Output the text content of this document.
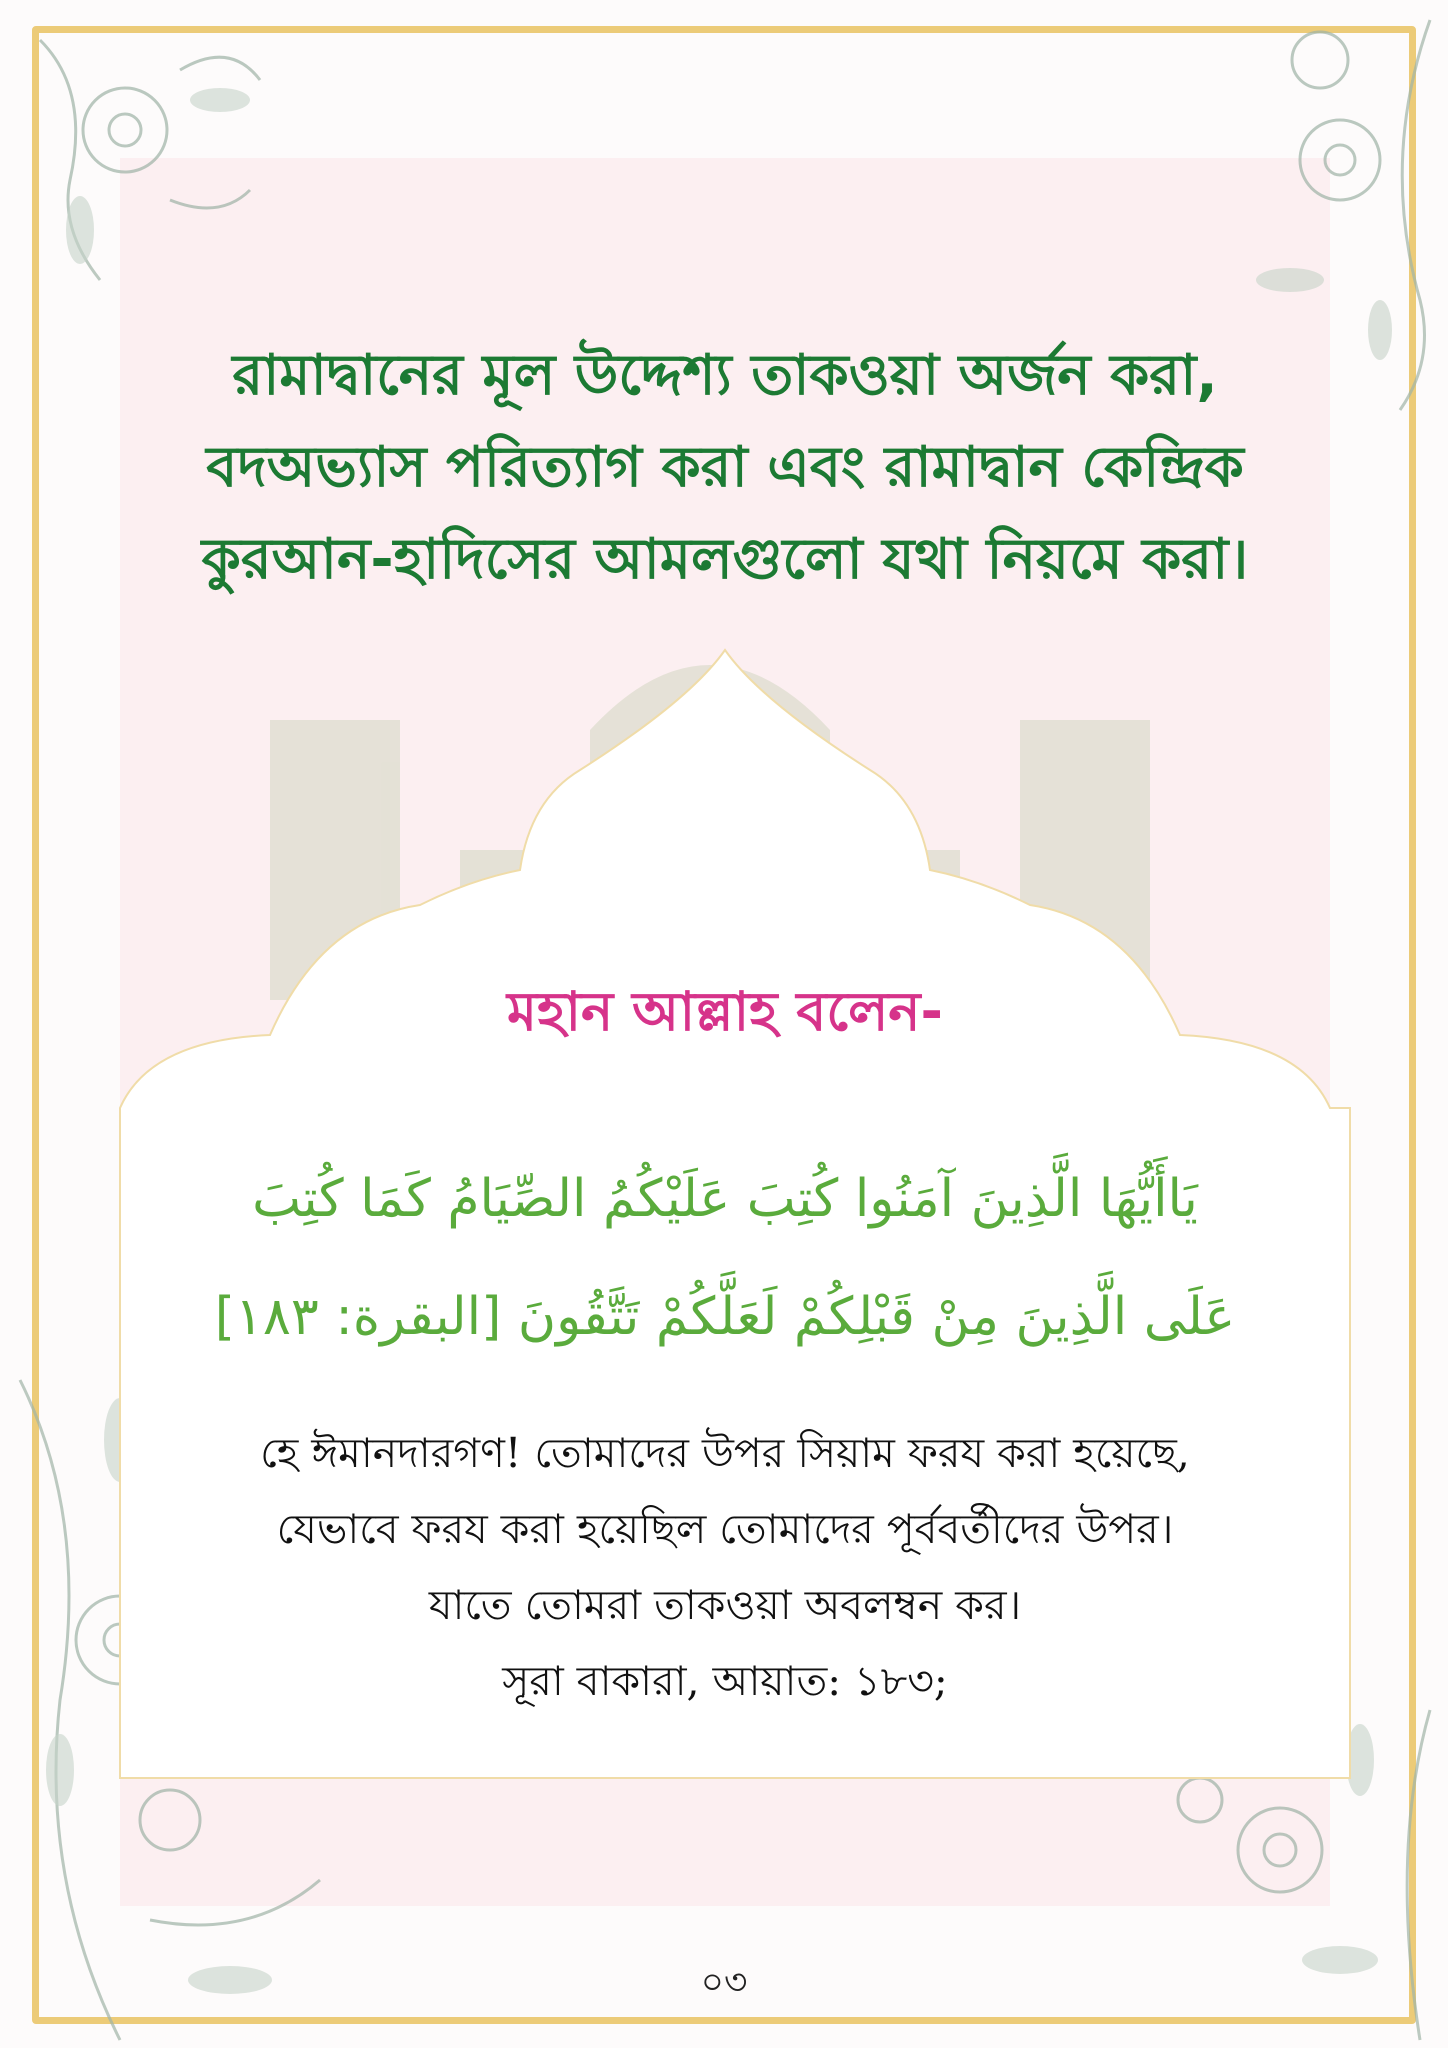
রামাদ্বানের মূল উদ্দেশ্য তাকওয়া অর্জন করা,
বদঅভ্যাস পরিত্যাগ করা এবং রামাদ্বান কেন্দ্রিক
কুরআন-হাদিসের আমলগুলো যথা নিয়মে করা।
মহান আল্লাহ বলেন-
يَاأَيُّهَا الَّذِينَ آمَنُوا كُتِبَ عَلَيْكُمُ الصِّيَامُ كَمَا كُتِبَ
عَلَى الَّذِينَ مِنْ قَبْلِكُمْ لَعَلَّكُمْ تَتَّقُونَ [البقرة: ١٨٣]
হে ঈমানদারগণ! তোমাদের উপর সিয়াম ফরয করা হয়েছে,
যেভাবে ফরয করা হয়েছিল তোমাদের পূর্ববর্তীদের উপর।
যাতে তোমরা তাকওয়া অবলম্বন কর।
সূরা বাকারা, আয়াত: ১৮৩;
০৩
